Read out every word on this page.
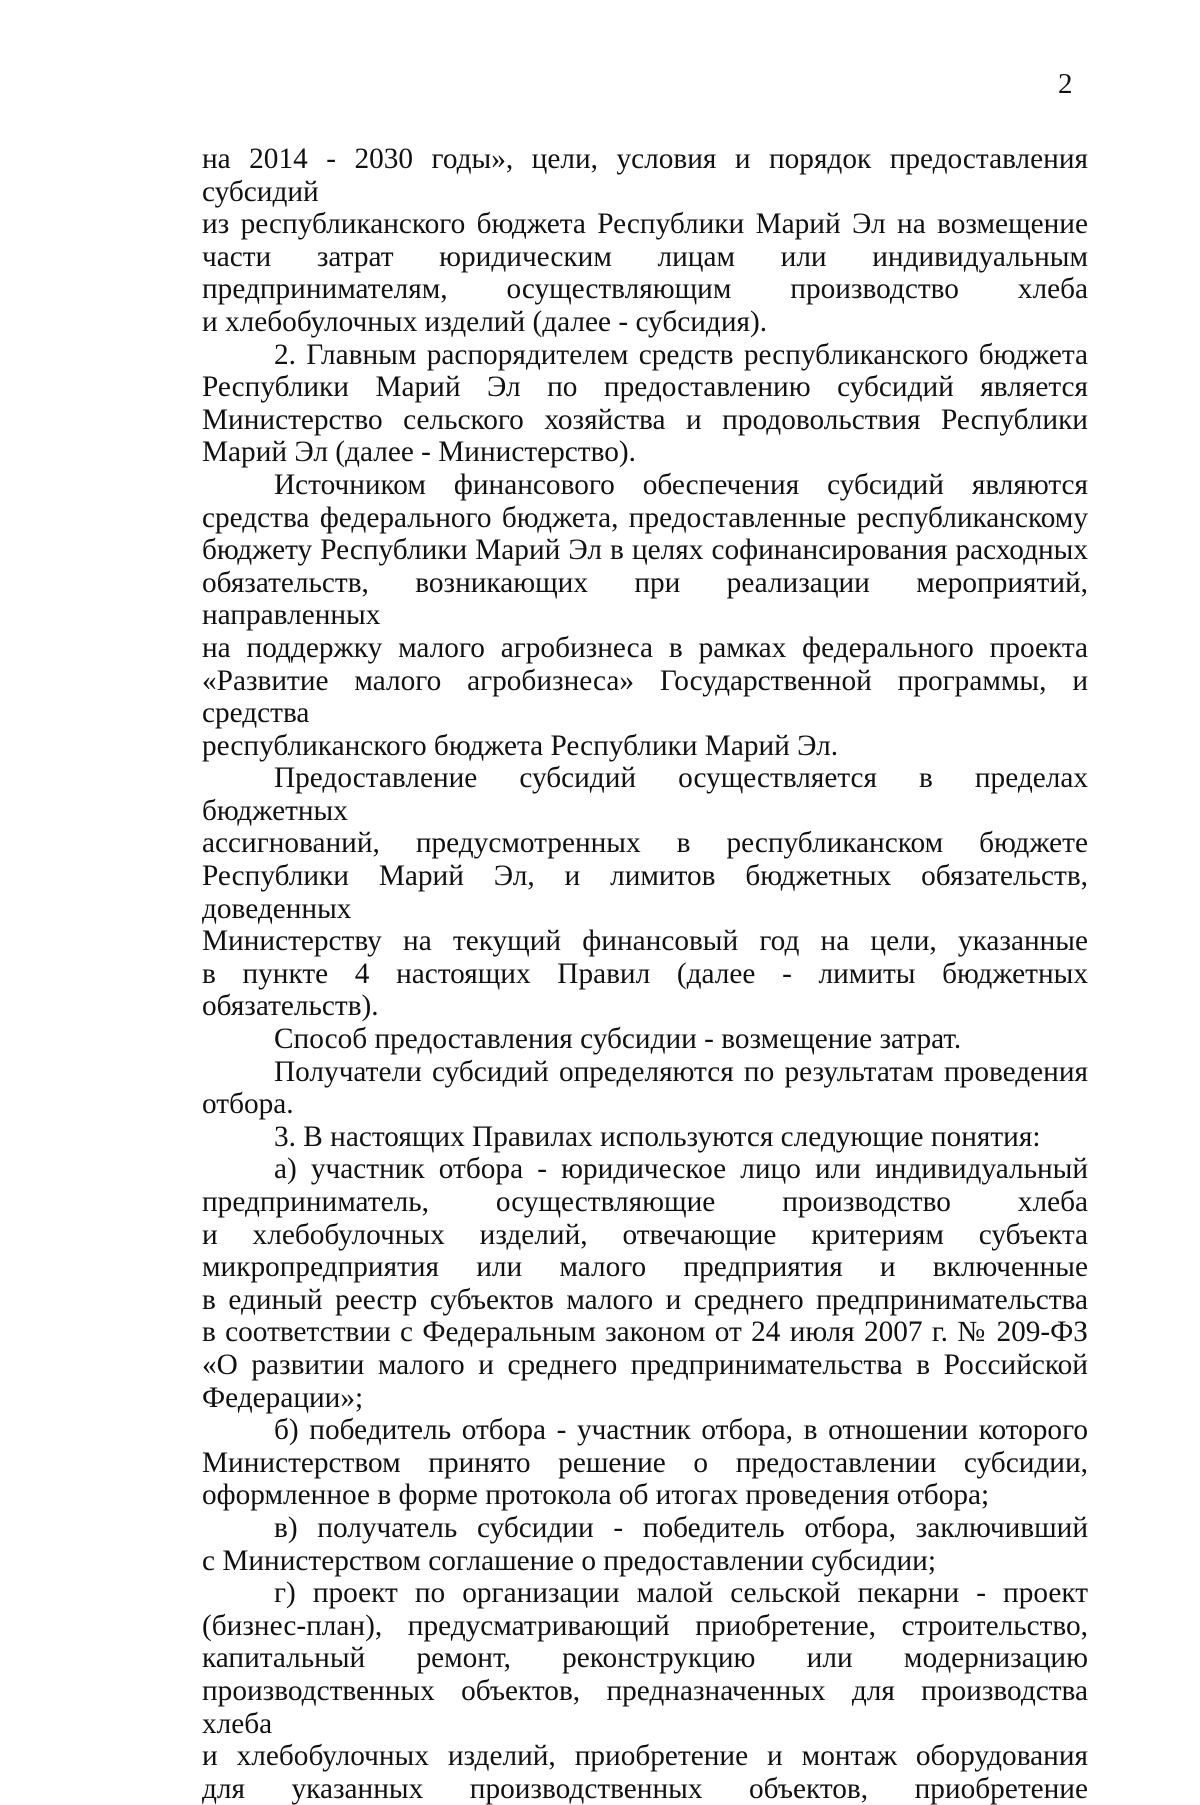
2
на 2014 - 2030 годы», цели, условия и порядок предоставления субсидий
из республиканского бюджета Республики Марий Эл на возмещение
части затрат юридическим лицам или индивидуальным
предпринимателям, осуществляющим производство хлеба
и хлебобулочных изделий (далее - субсидия).
2. Главным распорядителем средств республиканского бюджета
Республики Марий Эл по предоставлению субсидий является
Министерство сельского хозяйства и продовольствия Республики
Марий Эл (далее - Министерство).
Источником финансового обеспечения субсидий являются
средства федерального бюджета, предоставленные республиканскому
бюджету Республики Марий Эл в целях софинансирования расходных
обязательств, возникающих при реализации мероприятий, направленных
на поддержку малого агробизнеса в рамках федерального проекта
«Развитие малого агробизнеса» Государственной программы, и средства
республиканского бюджета Республики Марий Эл.
Предоставление субсидий осуществляется в пределах бюджетных
ассигнований, предусмотренных в республиканском бюджете
Республики Марий Эл, и лимитов бюджетных обязательств, доведенных
Министерству на текущий финансовый год на цели, указанные
в пункте 4 настоящих Правил (далее - лимиты бюджетных обязательств).
Способ предоставления субсидии - возмещение затрат.
Получатели субсидий определяются по результатам проведения
отбора.
3. В настоящих Правилах используются следующие понятия:
а) участник отбора - юридическое лицо или индивидуальный
предприниматель, осуществляющие производство хлеба
и хлебобулочных изделий, отвечающие критериям субъекта
микропредприятия или малого предприятия и включенные
в единый реестр субъектов малого и среднего предпринимательства
в соответствии с Федеральным законом от 24 июля 2007 г. № 209-ФЗ
«О развитии малого и среднего предпринимательства в Российской
Федерации»;
б) победитель отбора - участник отбора, в отношении которого
Министерством принято решение о предоставлении субсидии,
оформленное в форме протокола об итогах проведения отбора;
в) получатель субсидии - победитель отбора, заключивший
с Министерством соглашение о предоставлении субсидии;
г) проект по организации малой сельской пекарни - проект
(бизнес-план), предусматривающий приобретение, строительство,
капитальный ремонт, реконструкцию или модернизацию
производственных объектов, предназначенных для производства хлеба
и хлебобулочных изделий, приобретение и монтаж оборудования
для указанных производственных объектов, приобретение
